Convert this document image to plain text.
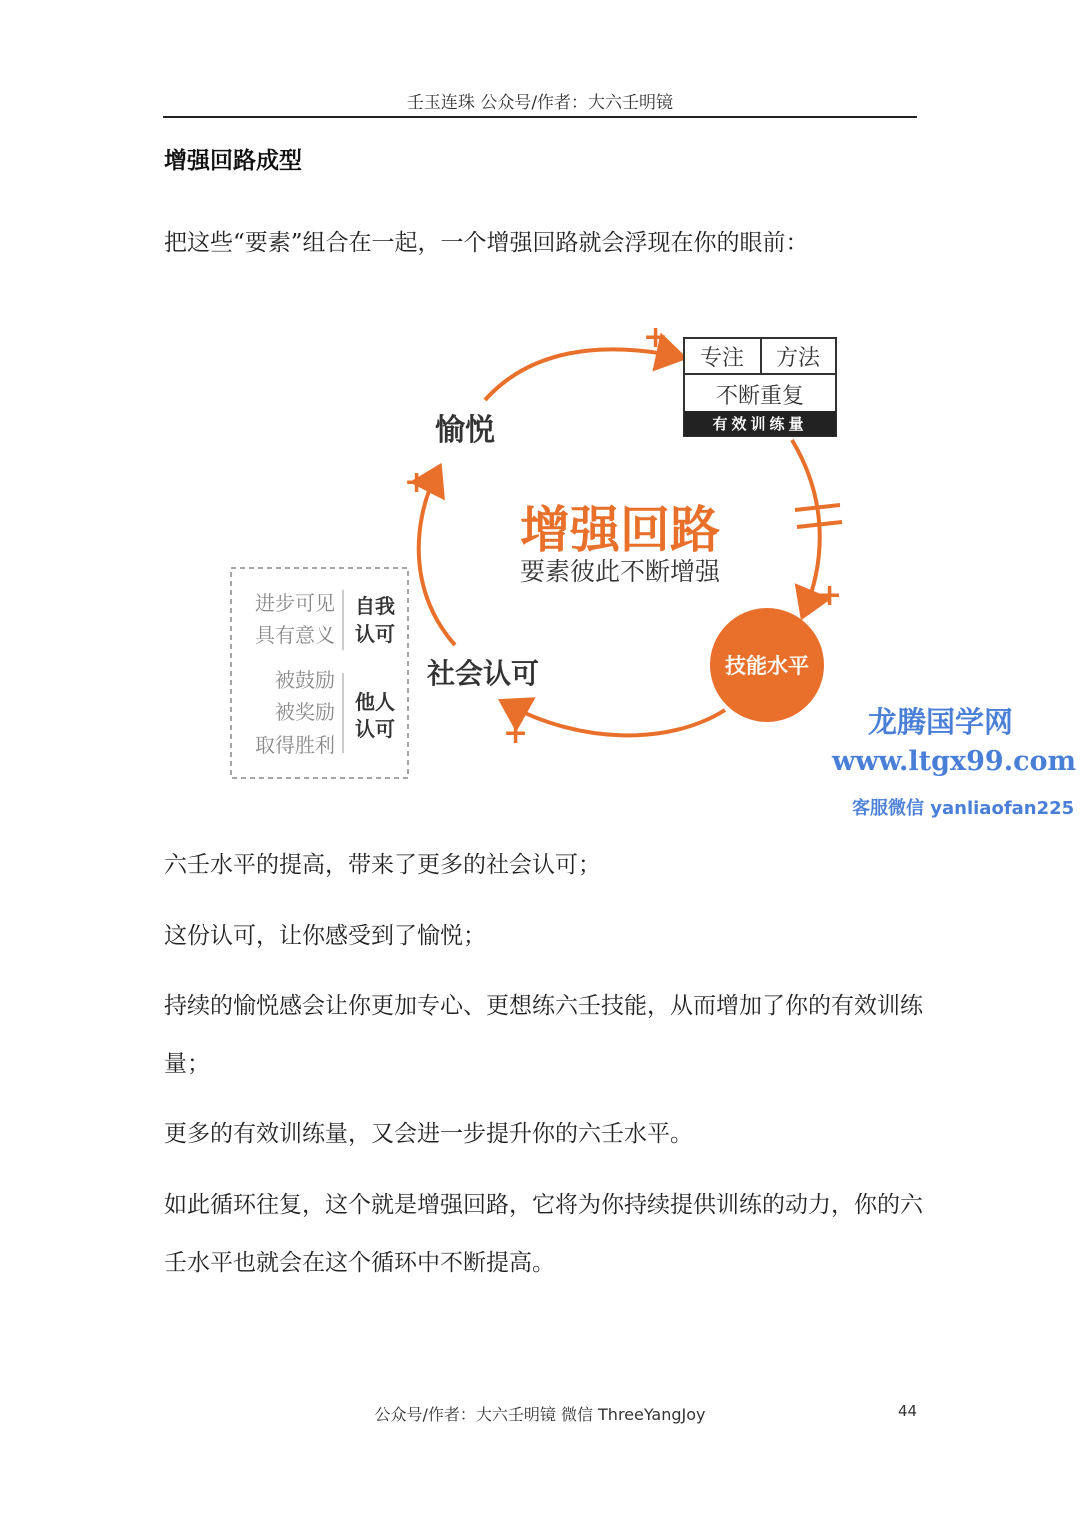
壬玉连珠 公众号/作者：大六壬明镜
增强回路成型
把这些“要素”组合在一起，一个增强回路就会浮现在你的眼前：
+
+
+
+
专注 方法
不断重复
有效训练量
愉悦
增强回路
要素彼此不断增强
技能水平
社会认可
进步可见
具有意义
自我
认可
被鼓励
被奖励
取得胜利
他人
认可	龙腾国学网
www.ltgx99.com
客服微信 yanliaofan225
六壬水平的提高，带来了更多的社会认可；
这份认可，让你感受到了愉悦；
持续的愉悦感会让你更加专心、更想练六壬技能，从而增加了你的有效训练量；
更多的有效训练量，又会进一步提升你的六壬水平。
如此循环往复，这个就是增强回路，它将为你持续提供训练的动力，你的六壬水平也就会在这个循环中不断提高。
公众号/作者：大六壬明镜 微信 ThreeYangJoy	44
